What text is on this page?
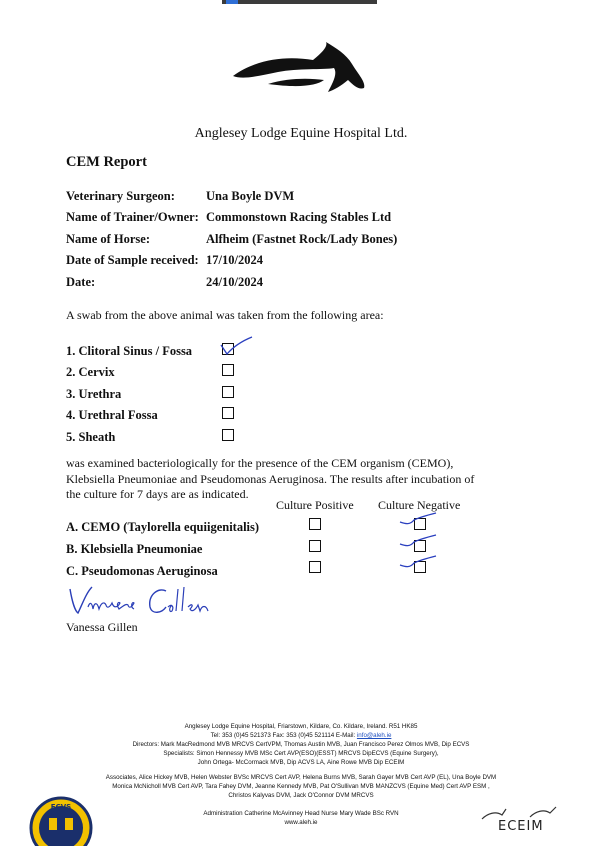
Anglesey Lodge Equine Hospital Ltd.
CEM Report
Veterinary Surgeon: Una Boyle DVM
Name of Trainer/Owner: Commonstown Racing Stables Ltd
Name of Horse:	Alfheim (Fastnet Rock/Lady Bones)
Date of Sample received: 17/10/2024
Date:	24/10/2024
A swab from the above animal was taken from the following area:
1. Clitoral Sinus / Fossa
2. Cervix
3. Urethra
4. Urethral Fossa
5. Sheath
was examined bacteriologically for the presence of the CEM organism (CEMO), Klebsiella Pneumoniae and Pseudomonas Aeruginosa. The results after incubation of the culture for 7 days are as indicated.
Culture Positive Culture Negative
A. CEMO (Taylorella equiigenitalis)
B. Klebsiella Pneumoniae
C. Pseudomonas Aeruginosa
Vanessa Gillen
Anglesey Lodge Equine Hospital, Friarstown, Kildare, Co. Kildare, Ireland. R51 HK85
Tel: 353 (0)45 521373 Fax: 353 (0)45 521114 E-Mail: info@aleh.ie
Directors: Mark MacRedmond MVB MRCVS CertVPM, Thomas Austin MVB, Juan Francisco Perez Olmos MVB, Dip ECVS
Specialists: Simon Hennessy MVB MSc Cert AVP(ESO)(ESST) MRCVS DipECVS (Equine Surgery),
John Ortega- McCormack MVB, Dip ACVS LA, Aine Rowe MVB Dip ECEIM
Associates, Alice Hickey MVB, Helen Webster BVSc MRCVS Cert AVP, Helena Burns MVB, Sarah Gayer MVB Cert AVP (EL), Una Boyle DVM
Monica McNicholl MVB Cert AVP, Tara Fahey DVM, Jeanne Kennedy MVB, Pat O'Sullivan MVB MANZCVS (Equine Med) Cert AVP ESM ,
Christos Kalyvas DVM, Jack O'Connor DVM MRCVS
Administration Catherine McAvinney Head Nurse Mary Wade BSc RVN
www.aleh.ie
ECVS
ECEIM
